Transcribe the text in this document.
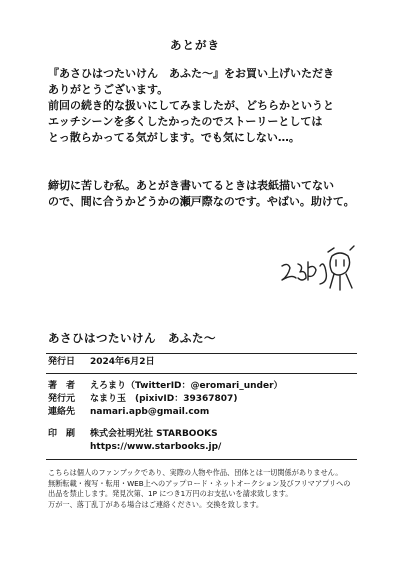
あとがき
『あさひはつたいけん　あふた〜』をお買い上げいただき
ありがとうございます。
前回の続き的な扱いにしてみましたが、どちらかというと
エッチシーンを多くしたかったのでストーリーとしては
とっ散らかってる気がします。でも気にしない…。
締切に苦しむ私。あとがき書いてるときは表紙描いてない
ので、間に合うかどうかの瀬戸際なのです。やばい。助けて。
あさひはつたいけん　あふた〜
発行日 2024年6月2日
著　者 えろまり（TwitterID：@eromari_under）
発行元 なまり玉　(pixivID：39367807)
連絡先 namari.apb@gmail.com
印　刷 株式会社明光社 STARBOOKS
https://www.starbooks.jp/
こちらは個人のファンブックであり、実際の人物や作品、団体とは一切関係がありません。
無断転載・複写・転用・WEB上へのアップロード・ネットオークション及びフリマアプリへの
出品を禁止します。発見次第、1P につき1万円のお支払いを請求致します。
万が一、落丁乱丁がある場合はご連絡ください。交換を致します。
